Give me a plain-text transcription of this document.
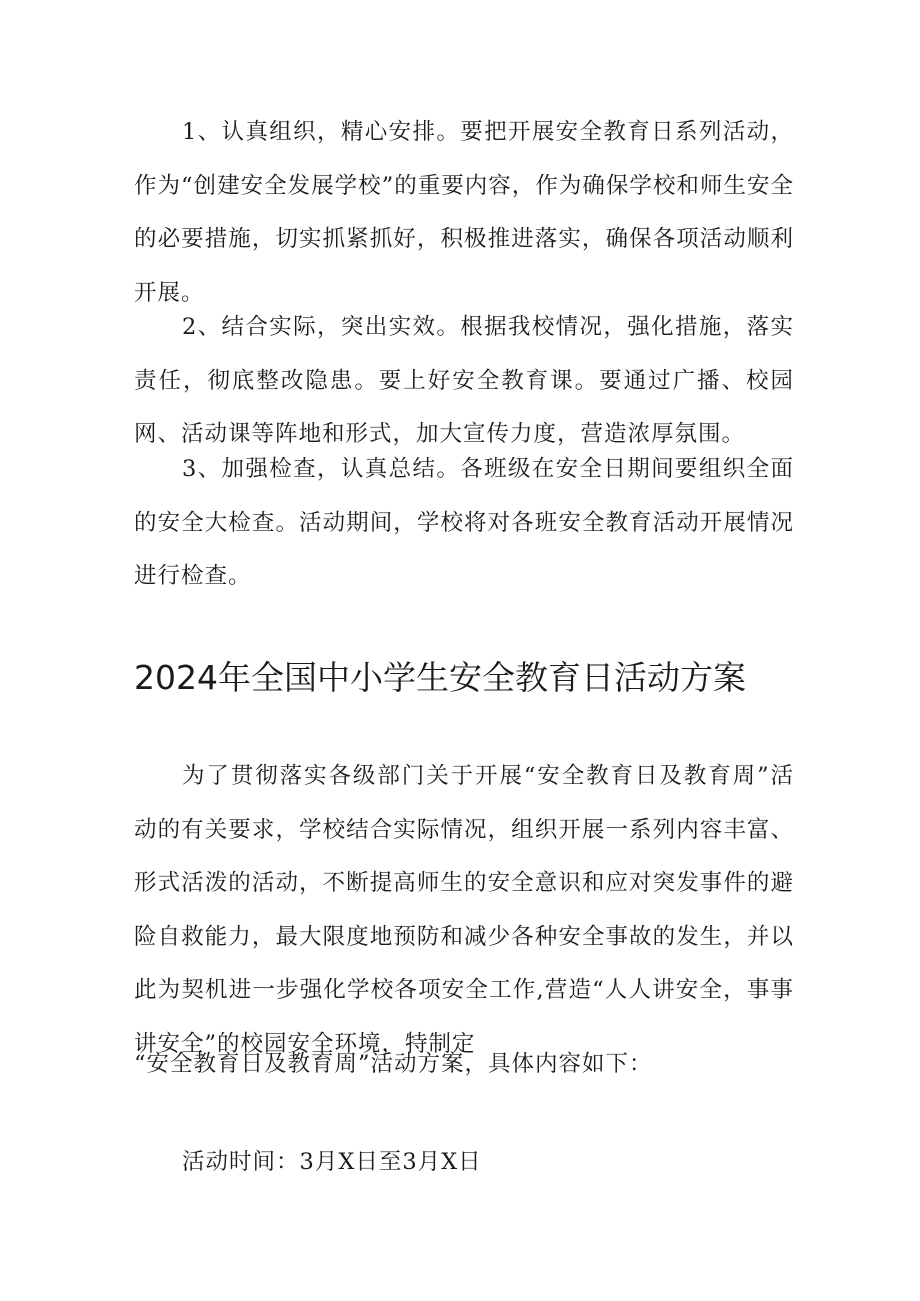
1、认真组织，精心安排。要把开展安全教育日系列活动，作为“创建安全发展学校”的重要内容，作为确保学校和师生安全的必要措施，切实抓紧抓好，积极推进落实，确保各项活动顺利开展。

2、结合实际，突出实效。根据我校情况，强化措施，落实责任，彻底整改隐患。要上好安全教育课。要通过广播、校园网、活动课等阵地和形式，加大宣传力度，营造浓厚氛围。

3、加强检查，认真总结。各班级在安全日期间要组织全面的安全大检查。活动期间，学校将对各班安全教育活动开展情况进行检查。

2024年全国中小学生安全教育日活动方案

为了贯彻落实各级部门关于开展“安全教育日及教育周”活动的有关要求，学校结合实际情况，组织开展一系列内容丰富、形式活泼的活动，不断提高师生的安全意识和应对突发事件的避险自救能力，最大限度地预防和减少各种安全事故的发生，并以此为契机进一步强化学校各项安全工作,营造“人人讲安全，事事讲安全”的校园安全环境，特制定

“安全教育日及教育周”活动方案，具体内容如下：

活动时间：3月X日至3月X日
